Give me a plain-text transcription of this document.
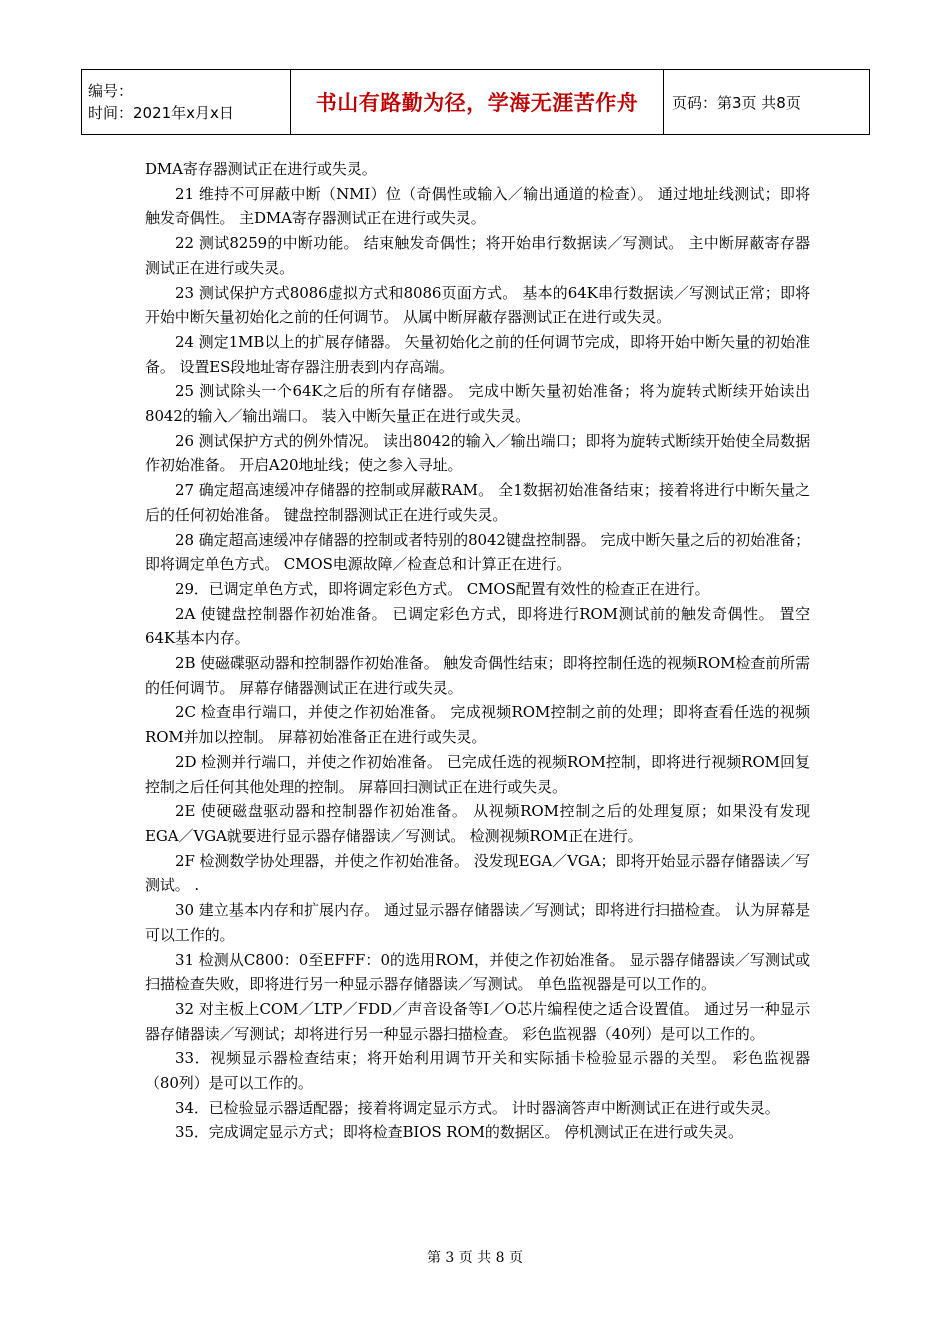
编号：
时间：2021年x月x日	书山有路勤为径，学海无涯苦作舟	页码：第3页 共8页

DMA寄存器测试正在进行或失灵。

21 维持不可屏蔽中断（NMI）位（奇偶性或输入／输出通道的检查）。 通过地址线测试；即将触发奇偶性。 主DMA寄存器测试正在进行或失灵。

22 测试8259的中断功能。 结束触发奇偶性；将开始串行数据读／写测试。 主中断屏蔽寄存器测试正在进行或失灵。

23 测试保护方式8086虚拟方式和8086页面方式。 基本的64K串行数据读／写测试正常；即将开始中断矢量初始化之前的任何调节。 从属中断屏蔽存器测试正在进行或失灵。

24 测定1MB以上的扩展存储器。 矢量初始化之前的任何调节完成，即将开始中断矢量的初始准备。 设置ES段地址寄存器注册表到内存高端。

25 测试除头一个64K之后的所有存储器。 完成中断矢量初始准备；将为旋转式断续开始读出8042的输入／输出端口。 装入中断矢量正在进行或失灵。

26 测试保护方式的例外情况。 读出8042的输入／输出端口；即将为旋转式断续开始使全局数据作初始准备。 开启A20地址线；使之参入寻址。

27 确定超高速缓冲存储器的控制或屏蔽RAM。 全1数据初始准备结束；接着将进行中断矢量之后的任何初始准备。 键盘控制器测试正在进行或失灵。

28 确定超高速缓冲存储器的控制或者特别的8042键盘控制器。 完成中断矢量之后的初始准备；即将调定单色方式。 CMOS电源故障／检查总和计算正在进行。

29．已调定单色方式，即将调定彩色方式。 CMOS配置有效性的检查正在进行。

2A 使键盘控制器作初始准备。 已调定彩色方式，即将进行ROM测试前的触发奇偶性。 置空64K基本内存。

2B 使磁碟驱动器和控制器作初始准备。 触发奇偶性结束；即将控制任选的视频ROM检查前所需的任何调节。 屏幕存储器测试正在进行或失灵。

2C 检查串行端口，并使之作初始准备。 完成视频ROM控制之前的处理；即将查看任选的视频ROM并加以控制。 屏幕初始准备正在进行或失灵。

2D 检测并行端口，并使之作初始准备。 已完成任选的视频ROM控制，即将进行视频ROM回复控制之后任何其他处理的控制。 屏幕回扫测试正在进行或失灵。

2E 使硬磁盘驱动器和控制器作初始准备。 从视频ROM控制之后的处理复原；如果没有发现EGA／VGA就要进行显示器存储器读／写测试。 检测视频ROM正在进行。

2F 检测数学协处理器，并使之作初始准备。 没发现EGA／VGA；即将开始显示器存储器读／写测试。 .

30 建立基本内存和扩展内存。 通过显示器存储器读／写测试；即将进行扫描检查。 认为屏幕是可以工作的。

31 检测从C800：0至EFFF：0的选用ROM，并使之作初始准备。 显示器存储器读／写测试或扫描检查失败，即将进行另一种显示器存储器读／写测试。 单色监视器是可以工作的。

32 对主板上COM／LTP／FDD／声音设备等I／O芯片编程使之适合设置值。 通过另一种显示器存储器读／写测试；却将进行另一种显示器扫描检查。 彩色监视器（40列）是可以工作的。

33．视频显示器检查结束；将开始利用调节开关和实际插卡检验显示器的关型。 彩色监视器（80列）是可以工作的。

34．已检验显示器适配器；接着将调定显示方式。 计时器滴答声中断测试正在进行或失灵。

35．完成调定显示方式；即将检查BIOS ROM的数据区。 停机测试正在进行或失灵。

第 3 页 共 8 页
